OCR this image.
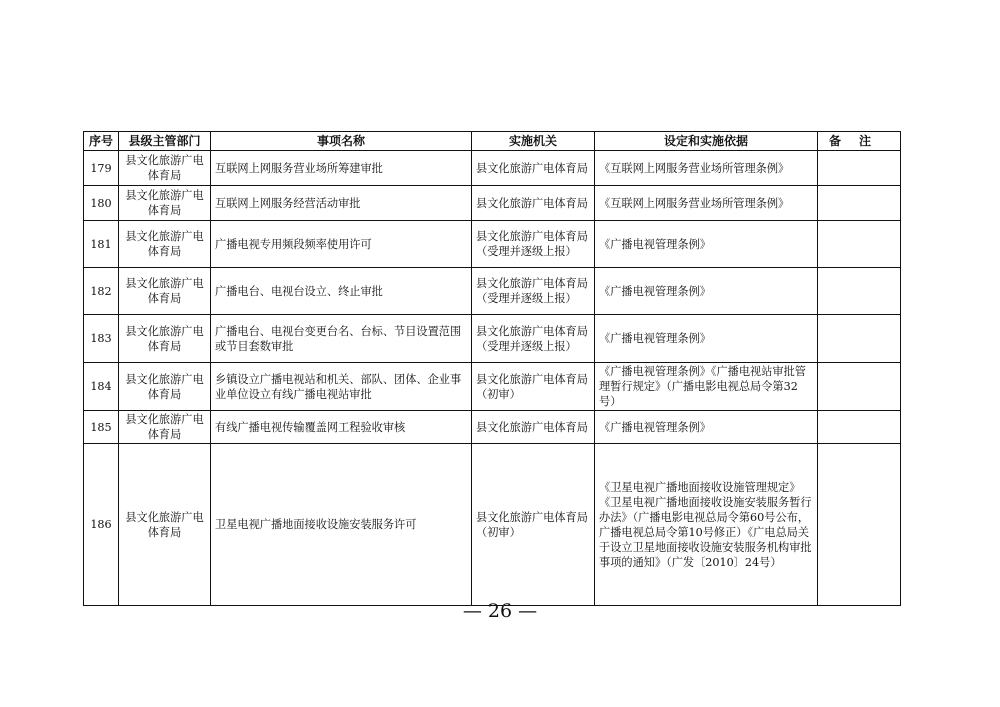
序号	县级主管部门	事项名称	实施机关	设定和实施依据	备注
179	县文化旅游广电体育局	互联网上网服务营业场所筹建审批	县文化旅游广电体育局	《互联网上网服务营业场所管理条例》	
180	县文化旅游广电体育局	互联网上网服务经营活动审批	县文化旅游广电体育局	《互联网上网服务营业场所管理条例》	
181	县文化旅游广电体育局	广播电视专用频段频率使用许可	县文化旅游广电体育局（受理并逐级上报）	《广播电视管理条例》	
182	县文化旅游广电体育局	广播电台、电视台设立、终止审批	县文化旅游广电体育局（受理并逐级上报）	《广播电视管理条例》	
183	县文化旅游广电体育局	广播电台、电视台变更台名、台标、节目设置范围或节目套数审批	县文化旅游广电体育局（受理并逐级上报）	《广播电视管理条例》	
184	县文化旅游广电体育局	乡镇设立广播电视站和机关、部队、团体、企业事业单位设立有线广播电视站审批	县文化旅游广电体育局（初审）	《广播电视管理条例》《广播电视站审批管理暂行规定》（广播电影电视总局令第32号）	
185	县文化旅游广电体育局	有线广播电视传输覆盖网工程验收审核	县文化旅游广电体育局	《广播电视管理条例》	
186	县文化旅游广电体育局	卫星电视广播地面接收设施安装服务许可	县文化旅游广电体育局（初审）	《卫星电视广播地面接收设施管理规定》《卫星电视广播地面接收设施安装服务暂行办法》（广播电影电视总局令第60号公布，广播电视总局令第10号修正）《广电总局关于设立卫星地面接收设施安装服务机构审批事项的通知》（广发〔2010〕24号）	
— 26 —
